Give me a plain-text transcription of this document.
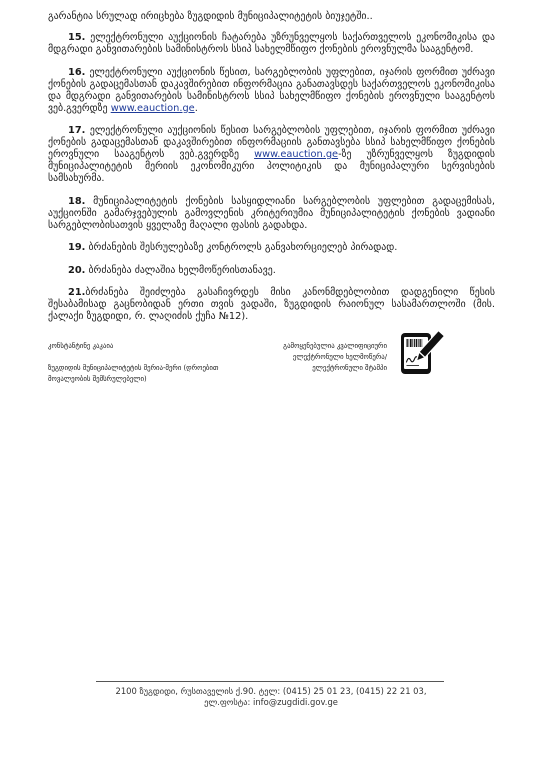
გარანტია სრულად ირიცხება ზუგდიდის მუნიციპალიტეტის ბიუჯეტში..

15. ელექტრონული აუქციონის ჩატარება უზრუნველყოს საქართველოს ეკონომიკისა და მდგრადი განვითარების სამინისტროს სსიპ სახელმწიფო ქონების ეროვნულმა სააგენტომ.

16. ელექტრონული აუქციონის წესით, სარგებლობის უფლებით, იჯარის ფორმით უძრავი ქონების გადაცემასთან დაკავშირებით ინფორმაცია განათავსდეს საქართველოს ეკონომიკისა და მდგრადი განვითარების სამინისტროს სსიპ სახელმწიფო ქონების ეროვნული სააგენტოს ვებ.გვერდზე www.eauction.ge.

17. ელექტრონული აუქციონის წესით სარგებლობის უფლებით, იჯარის ფორმით უძრავი ქონების გადაცემასთან დაკავშირებით ინფორმაციის განთავსება სსიპ სახელმწიფო ქონების ეროვნული სააგენტოს ვებ.გვერდზე www.eauction.ge-ზე უზრუნველყოს ზუგდიდის მუნიციპალიტეტის მერიის ეკონომიკური პოლიტიკის და მუნიციპალური სერვისების სამსახურმა.

18. მუნიციპალიტეტის ქონების სასყიდლიანი სარგებლობის უფლებით გადაცემისას, აუქციონში გამარჯვებულის გამოვლენის კრიტერიუმია მუნიციპალიტეტის ქონების ვადიანი სარგებლობისათვის ყველაზე მაღალი ფასის გადახდა.

19. ბრძანების შესრულებაზე კონტროლს განვახორციელებ პირადად.

20. ბრძანება ძალაშია ხელმოწერისთანავე.

21.ბრძანება შეიძლება გასაჩივრდეს მისი კანონმდებლობით დადგენილი წესის შესაბამისად გაცნობიდან ერთი თვის ვადაში, ზუგდიდის რაიონულ სასამართლოში (მის. ქალაქი ზუგდიდი, რ. ლაღიძის ქუჩა №12).

კონსტანტინე კაკაია
ზუგდიდის მუნიციპალიტეტის მერია-მერი (დროებით
მოვალეობის შემსრულებელი)
გამოყენებულია კვალიფიციური
ელექტრონული ხელმოწერა/
ელექტრონული შტამპი
2100 ზუგდიდი, რუსთაველის ქ.90. ტელ: (0415) 25 01 23, (0415) 22 21 03,
ელ.ფოსტა: info@zugdidi.gov.ge
